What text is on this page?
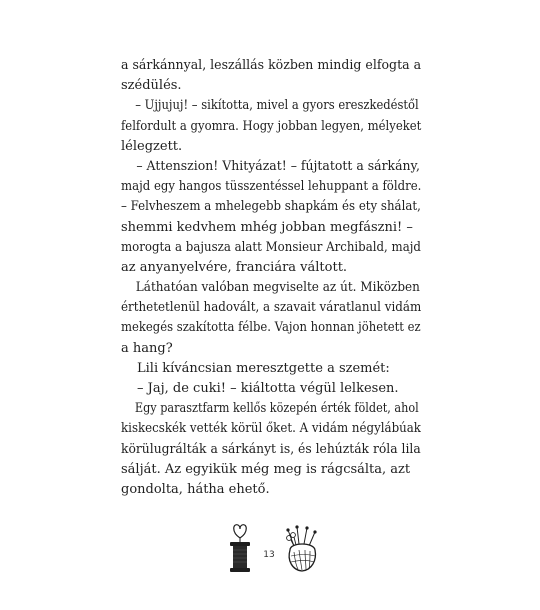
a sárkánnyal, leszállás közben mindig elfogta a
szédülés.
– Ujjujuj! – sikította, mivel a gyors ereszkedéstől
felfordult a gyomra. Hogy jobban legyen, mélyeket
lélegzett.
– Attenszion! Vhityázat! – fújtatott a sárkány,
majd egy hangos tüsszentéssel lehuppant a földre.
– Felvheszem a mhelegebb shapkám és ety shálat,
shemmi kedvhem mhég jobban megfászni! –
morogta a bajusza alatt Monsieur Archibald, majd
az anyanyelvére, franciára váltott.
Láthatóan valóban megviselte az út. Miközben
érthetetlenül hadovált, a szavait váratlanul vidám
mekegés szakította félbe. Vajon honnan jöhetett ez
a hang?
Lili kíváncsian meresztgette a szemét:
– Jaj, de cuki! – kiáltotta végül lelkesen.
Egy parasztfarm kellős közepén érték földet, ahol
kiskecskék vették körül őket. A vidám négylábúak
körülugrálták a sárkányt is, és lehúzták róla lila
sálját. Az egyikük még meg is rágcsálta, azt
gondolta, hátha ehető.
13
